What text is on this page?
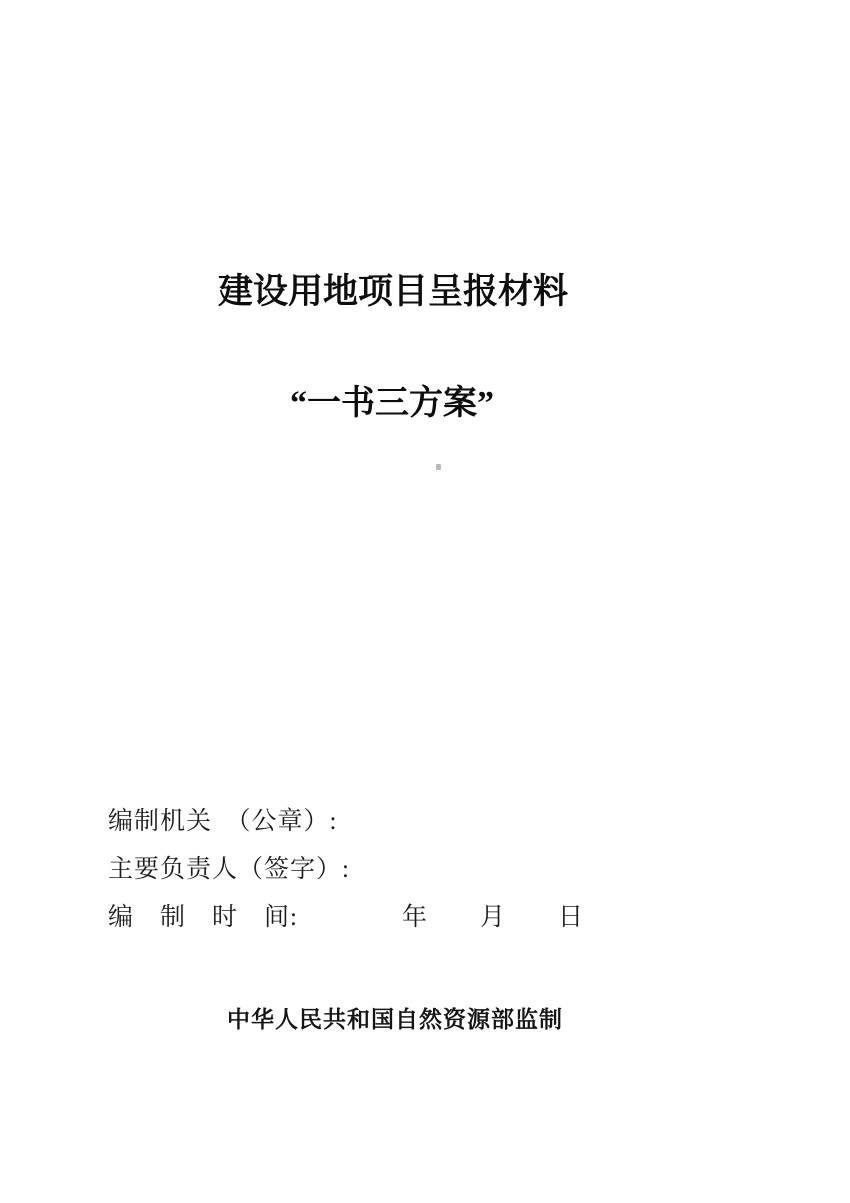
建设用地项目呈报材料
“一书三方案”
编制机关　（公章）:
主要负责人（签字）:
编　制　时　间:　　　　年　　月　　日
中华人民共和国自然资源部监制
